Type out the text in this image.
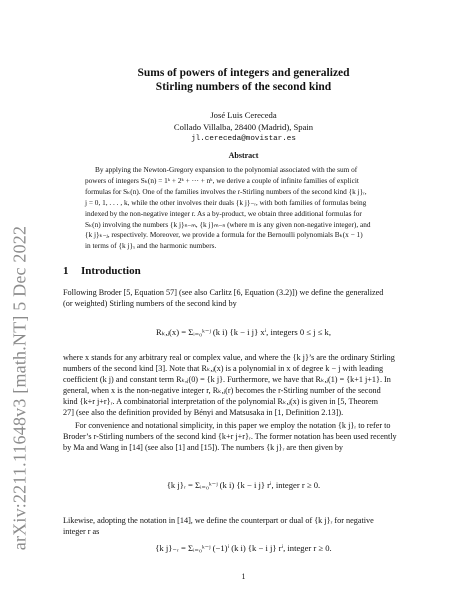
arXiv:2211.11648v3 [math.NT] 5 Dec 2022
Sums of powers of integers and generalized
Stirling numbers of the second kind
José Luis Cereceda
Collado Villalba, 28400 (Madrid), Spain
jl.cereceda@movistar.es
Abstract
By applying the Newton-Gregory expansion to the polynomial associated with the sum of
powers of integers Sₖ(n) = 1ᵏ + 2ᵏ + ··· + nᵏ, we derive a couple of infinite families of explicit
formulas for Sₖ(n). One of the families involves the r-Stirling numbers of the second kind {k j}ᵣ,
j = 0, 1, . . . , k, while the other involves their duals {k j}₋ᵣ, with both families of formulas being
indexed by the non-negative integer r. As a by-product, we obtain three additional formulas for
Sₖ(n) involving the numbers {k j}ₙ₋ₘ, {k j}ₘ₋ₙ (where m is any given non-negative integer), and
{k j}ₖ₋ⱼ, respectively. Moreover, we provide a formula for the Bernoulli polynomials Bₖ(x − 1)
in terms of {k j}ₓ and the harmonic numbers.
1 Introduction
Following Broder [5, Equation 57] (see also Carlitz [6, Equation (3.2)]) we define the generalized
(or weighted) Stirling numbers of the second kind by
Rₖ,ⱼ(x) = Σᵢ₌₀ᵏ⁻ʲ (k i) {k − i j} xⁱ, integers 0 ≤ j ≤ k,
where x stands for any arbitrary real or complex value, and where the {k j}’s are the ordinary Stirling
numbers of the second kind [3]. Note that Rₖ,ⱼ(x) is a polynomial in x of degree k − j with leading
coefficient (k j) and constant term Rₖ,ⱼ(0) = {k j}. Furthermore, we have that Rₖ,ⱼ(1) = {k+1 j+1}. In
general, when x is the non-negative integer r, Rₖ,ⱼ(r) becomes the r-Stirling number of the second
kind {k+r j+r}ᵣ. A combinatorial interpretation of the polynomial Rₖ,ⱼ(x) is given in [5, Theorem
27] (see also the definition provided by Bényi and Matsusaka in [1, Definition 2.13]).
For convenience and notational simplicity, in this paper we employ the notation {k j}ᵣ to refer to
Broder’s r-Stirling numbers of the second kind {k+r j+r}ᵣ. The former notation has been used recently
by Ma and Wang in [14] (see also [1] and [15]). The numbers {k j}ᵣ are then given by
{k j}ᵣ = Σᵢ₌₀ᵏ⁻ʲ (k i) {k − i j} rⁱ, integer r ≥ 0.
Likewise, adopting the notation in [14], we define the counterpart or dual of {k j}ᵣ for negative
integer r as
{k j}₋ᵣ = Σᵢ₌₀ᵏ⁻ʲ (−1)ⁱ (k i) {k − i j} rⁱ, integer r ≥ 0.
1
